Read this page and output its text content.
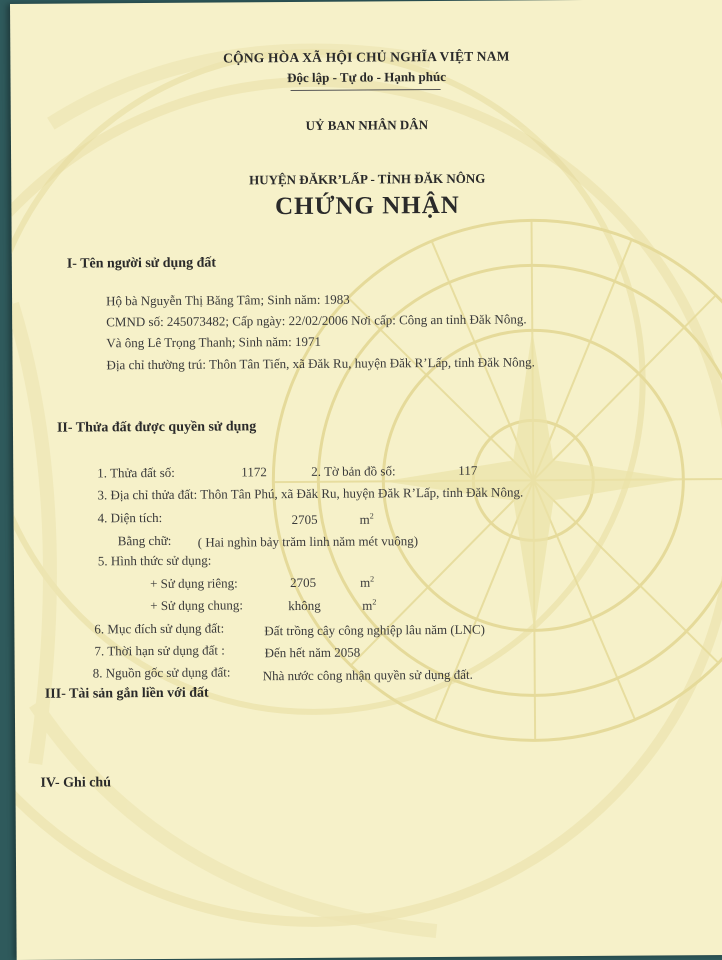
CỘNG HÒA XÃ HỘI CHỦ NGHĨA VIỆT NAM
Độc lập - Tự do - Hạnh phúc
UỶ BAN NHÂN DÂN
HUYỆN ĐĂKR’LẤP - TỈNH ĐĂK NÔNG
CHỨNG NHẬN
I- Tên người sử dụng đất
Hộ bà Nguyễn Thị Băng Tâm; Sinh năm: 1983
CMND số: 245073482; Cấp ngày: 22/02/2006 Nơi cấp: Công an tỉnh Đăk Nông.
Và ông Lê Trọng Thanh; Sinh năm: 1971
Địa chỉ thường trú: Thôn Tân Tiến, xã Đăk Ru, huyện Đăk R’Lấp, tỉnh Đăk Nông.
II- Thửa đất được quyền sử dụng
1. Thửa đất số:	1172	2. Tờ bản đồ số:	117
3. Địa chỉ thửa đất: Thôn Tân Phú, xã Đăk Ru, huyện Đăk R’Lấp, tỉnh Đăk Nông.
4. Diện tích:	2705	$m^2$
Bằng chữ: ( Hai nghìn bảy trăm linh năm mét vuông)
5. Hình thức sử dụng:
+ Sử dụng riêng:	2705	$m^2$
+ Sử dụng chung:	không	$m^2$
6. Mục đích sử dụng đất:	Đất trồng cây công nghiệp lâu năm (LNC)
7. Thời hạn sử dụng đất :	Đến hết năm 2058
8. Nguồn gốc sử dụng đất: Nhà nước công nhận quyền sử dụng đất.
III- Tài sản gắn liền với đất
IV- Ghi chú
